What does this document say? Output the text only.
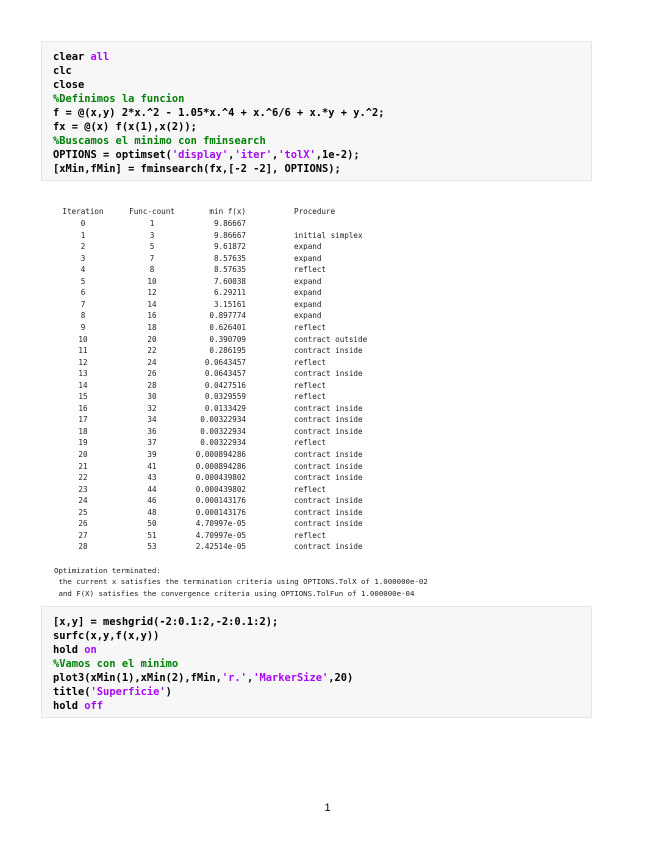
clear all
clc
close
%Definimos la funcion
f = @(x,y) 2*x.^2 - 1.05*x.^4 + x.^6/6 + x.*y + y.^2;
fx = @(x) f(x(1),x(2));
%Buscamos el minimo con fminsearch
OPTIONS = optimset('display','iter','tolX',1e-2);
[xMin,fMin] = fminsearch(fx,[-2 -2], OPTIONS);
Iteration	Func-count	min f(x)	Procedure
0	1	9.86667
1	3	9.86667	initial simplex
2	5	9.61872	expand
3	7	8.57635	expand
4	8	8.57635	reflect
5	10	7.60038	expand
6	12	6.29211	expand
7	14	3.15161	expand
8	16	0.897774	expand
9	18	0.626401	reflect
10	20	0.390709	contract outside
11	22	0.286195	contract inside
12	24	0.0643457	reflect
13	26	0.0643457	contract inside
14	28	0.0427516	reflect
15	30	0.0329559	reflect
16	32	0.0133429	contract inside
17	34	0.00322934	contract inside
18	36	0.00322934	contract inside
19	37	0.00322934	reflect
20	39	0.000894286	contract inside
21	41	0.000894286	contract inside
22	43	0.000439802	contract inside
23	44	0.000439802	reflect
24	46	0.000143176	contract inside
25	48	0.000143176	contract inside
26	50	4.70997e-05	contract inside
27	51	4.70997e-05	reflect
28	53	2.42514e-05	contract inside
Optimization terminated:
the current x satisfies the termination criteria using OPTIONS.TolX of 1.000000e-02
and F(X) satisfies the convergence criteria using OPTIONS.TolFun of 1.000000e-04
[x,y] = meshgrid(-2:0.1:2,-2:0.1:2);
surfc(x,y,f(x,y))
hold on
%Vamos con el minimo
plot3(xMin(1),xMin(2),fMin,'r.','MarkerSize',20)
title('Superficie')
hold off
1
